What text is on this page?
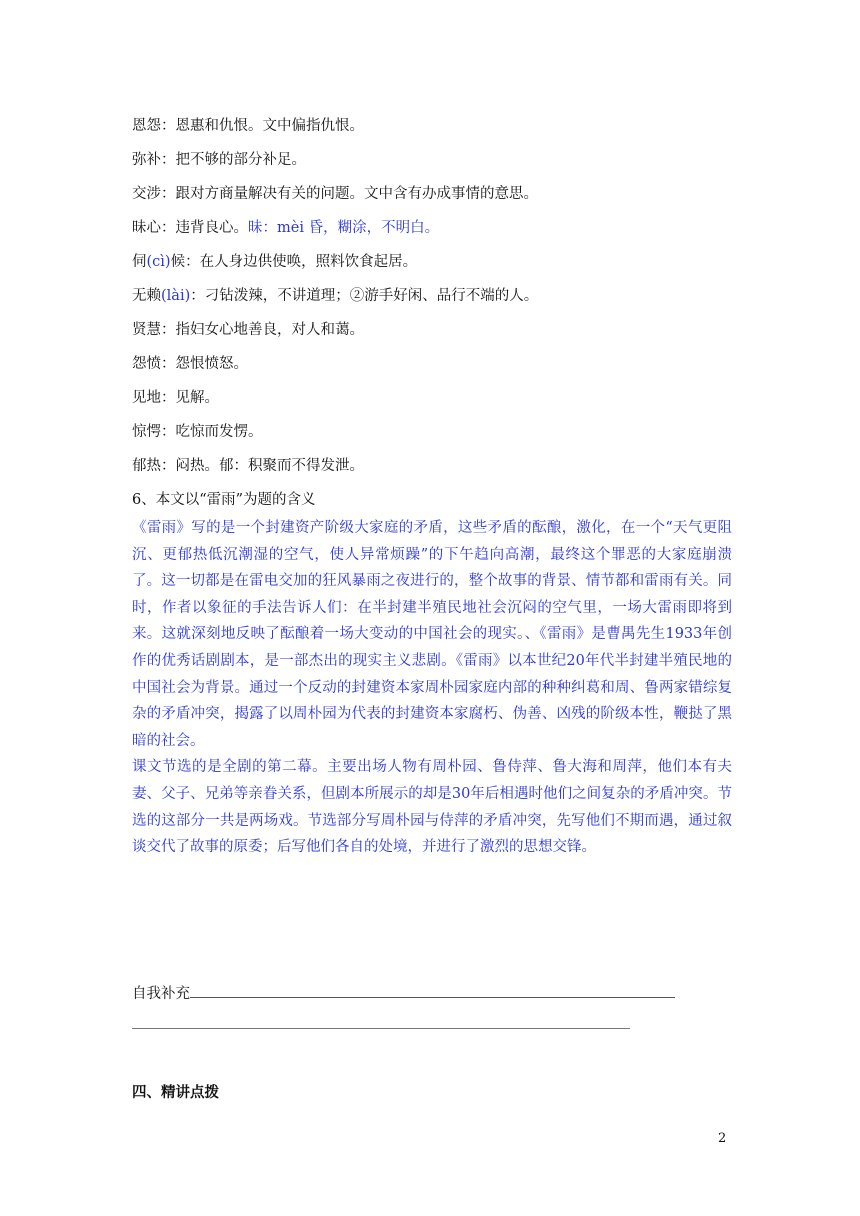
恩怨：恩惠和仇恨。文中偏指仇恨。
弥补：把不够的部分补足。
交涉：跟对方商量解决有关的问题。文中含有办成事情的意思。
昧心：违背良心。昧：mèi 昏，糊涂，不明白。
伺(cì)候：在人身边供使唤，照料饮食起居。
无赖(lài)：刁钻泼辣，不讲道理；②游手好闲、品行不端的人。
贤慧：指妇女心地善良，对人和蔼。
怨愤：怨恨愤怒。
见地：见解。
惊愕：吃惊而发愣。
郁热：闷热。郁：积聚而不得发泄。
6、本文以“雷雨”为题的含义

《雷雨》写的是一个封建资产阶级大家庭的矛盾，这些矛盾的酝酿，激化，在一个“天气更阻沉、更郁热低沉潮湿的空气，使人异常烦躁”的下午趋向高潮，最终这个罪恶的大家庭崩溃了。这一切都是在雷电交加的狂风暴雨之夜进行的，整个故事的背景、情节都和雷雨有关。同时，作者以象征的手法告诉人们：在半封建半殖民地社会沉闷的空气里，一场大雷雨即将到来。这就深刻地反映了酝酿着一场大变动的中国社会的现实。、《雷雨》是曹禺先生1933年创作的优秀话剧剧本，是一部杰出的现实主义悲剧。《雷雨》以本世纪20年代半封建半殖民地的中国社会为背景。通过一个反动的封建资本家周朴园家庭内部的种种纠葛和周、鲁两家错综复杂的矛盾冲突，揭露了以周朴园为代表的封建资本家腐朽、伪善、凶残的阶级本性，鞭挞了黑暗的社会。

课文节选的是全剧的第二幕。主要出场人物有周朴园、鲁侍萍、鲁大海和周萍，他们本有夫妻、父子、兄弟等亲眷关系，但剧本所展示的却是30年后相遇时他们之间复杂的矛盾冲突。节选的这部分一共是两场戏。节选部分写周朴园与侍萍的矛盾冲突，先写他们不期而遇，通过叙谈交代了故事的原委；后写他们各自的处境，并进行了激烈的思想交锋。

自我补充
四、精讲点拨
2
